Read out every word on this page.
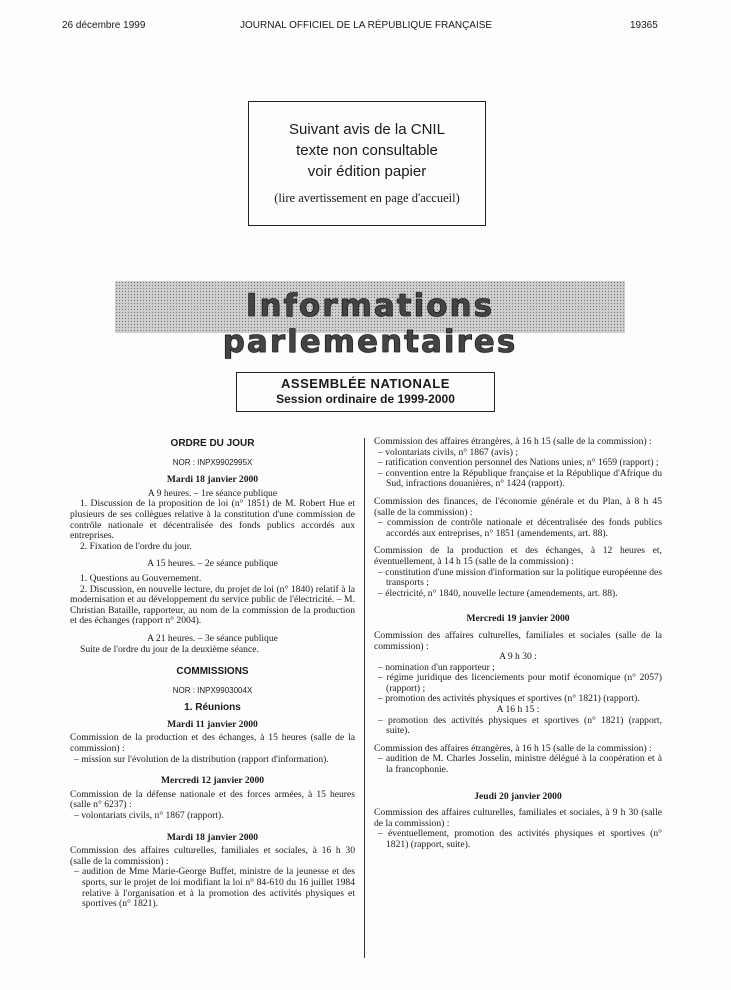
26 décembre 1999	JOURNAL OFFICIEL DE LA RÉPUBLIQUE FRANÇAISE	19365
Suivant avis de la CNIL
texte non consultable
voir édition papier
(lire avertissement en page d'accueil)
Informations parlementaires
ASSEMBLÉE NATIONALE
Session ordinaire de 1999-2000
ORDRE DU JOUR
NOR : INPX9902995X
Mardi 18 janvier 2000
A 9 heures. – 1re séance publique

1. Discussion de la proposition de loi (n° 1851) de M. Robert Hue et plusieurs de ses collègues relative à la constitution d'une commission de contrôle nationale et décentralisée des fonds publics accordés aux entreprises.

2. Fixation de l'ordre du jour.

A 15 heures. – 2e séance publique

1. Questions au Gouvernement.

2. Discussion, en nouvelle lecture, du projet de loi (n° 1840) relatif à la modernisation et au développement du service public de l'électricité. – M. Christian Bataille, rapporteur, au nom de la commission de la production et des échanges (rapport n° 2004).

A 21 heures. – 3e séance publique

Suite de l'ordre du jour de la deuxième séance.

COMMISSIONS
NOR : INPX9903004X
1. Réunions
Mardi 11 janvier 2000

Commission de la production et des échanges, à 15 heures (salle de la commission) :

– mission sur l'évolution de la distribution (rapport d'information).

Mercredi 12 janvier 2000

Commission de la défense nationale et des forces armées, à 15 heures (salle n° 6237) :

– volontariats civils, n° 1867 (rapport).

Mardi 18 janvier 2000

Commission des affaires culturelles, familiales et sociales, à 16 h 30 (salle de la commission) :

– audition de Mme Marie-George Buffet, ministre de la jeunesse et des sports, sur le projet de loi modifiant la loi n° 84-610 du 16 juillet 1984 relative à l'organisation et à la promotion des activités physiques et sportives (n° 1821).

Commission des affaires étrangères, à 16 h 15 (salle de la commission) :

– volontariats civils, n° 1867 (avis) ;

– ratification convention personnel des Nations unies, n° 1659 (rapport) ;

– convention entre la République française et la République d'Afrique du Sud, infractions douanières, n° 1424 (rapport).

Commission des finances, de l'économie générale et du Plan, à 8 h 45 (salle de la commission) :

– commission de contrôle nationale et décentralisée des fonds publics accordés aux entreprises, n° 1851 (amendements, art. 88).

Commission de la production et des échanges, à 12 heures et, éventuellement, à 14 h 15 (salle de la commission) :

– constitution d'une mission d'information sur la politique européenne des transports ;

– électricité, n° 1840, nouvelle lecture (amendements, art. 88).

Mercredi 19 janvier 2000

Commission des affaires culturelles, familiales et sociales (salle de la commission) :

A 9 h 30 :

– nomination d'un rapporteur ;

– régime juridique des licenciements pour motif économique (n° 2057) (rapport) ;

– promotion des activités physiques et sportives (n° 1821) (rapport).

A 16 h 15 :

– promotion des activités physiques et sportives (n° 1821) (rapport, suite).

Commission des affaires étrangères, à 16 h 15 (salle de la commission) :

– audition de M. Charles Josselin, ministre délégué à la coopération et à la francophonie.

Jeudi 20 janvier 2000

Commission des affaires culturelles, familiales et sociales, à 9 h 30 (salle de la commission) :

– éventuellement, promotion des activités physiques et sportives (n° 1821) (rapport, suite).
